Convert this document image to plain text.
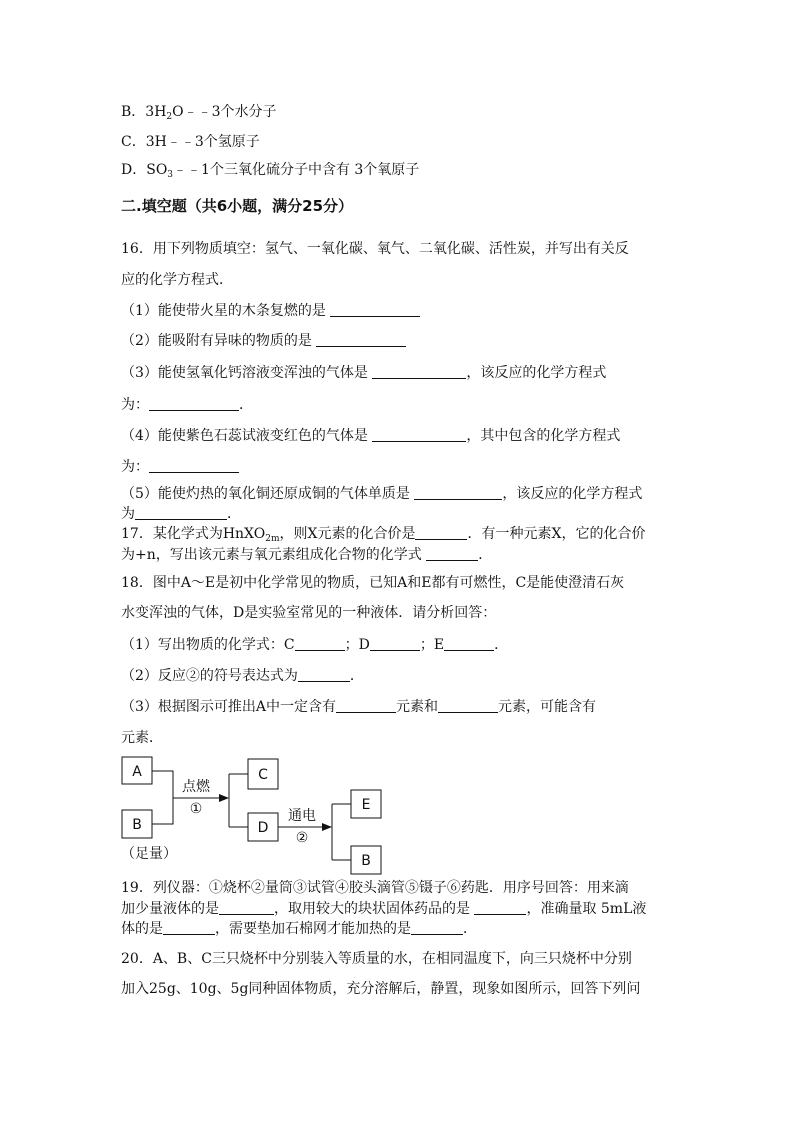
B．$3H_2O﹣﹣3$个水分子
C．3H﹣﹣3个氢原子
D．$SO_3﹣﹣1$个三氧化硫分子中含有 3个氧原子
二.填空题（共6小题，满分25分）
16．用下列物质填空：氢气、一氧化碳、氧气、二氧化碳、活性炭，并写出有关反
应的化学方程式．
（1）能使带火星的木条复燃的是
（2）能吸附有异味的物质的是
（3）能使氢氧化钙溶液变浑浊的气体是	，该反应的化学方程式
为：	．
（4）能使紫色石蕊试液变红色的气体是	，其中包含的化学方程式
为：
（5）能使灼热的氧化铜还原成铜的气体单质是	，该反应的化学方程式
为	．
17．某化学式为HnXO$_{2m}$，则X元素的化合价是	．有一种元素X，它的化合价
为+n，写出该元素与氧元素组成化合物的化学式	．
18．图中A～E是初中化学常见的物质，已知A和E都有可燃性，C是能使澄清石灰
水变浑浊的气体，D是实验室常见的一种液体．请分析回答：
（1）写出物质的化学式：C	；D	；E	．
（2）反应②的符号表达式为	．
（3）根据图示可推出A中一定含有	元素和	元素，可能含有
元素．
A
B
C
D
E
B
点燃
①	通电
②
（足量）
19．列仪器：①烧杯②量筒③试管④胶头滴管⑤镊子⑥药匙．用序号回答：用来滴
加少量液体的是	，取用较大的块状固体药品的是	，准确量取 5mL液
体的是	，需要垫加石棉网才能加热的是	．
20．A、B、C三只烧杯中分别装入等质量的水，在相同温度下，向三只烧杯中分别
加入25g、10g、5g同种固体物质，充分溶解后，静置，现象如图所示，回答下列问
